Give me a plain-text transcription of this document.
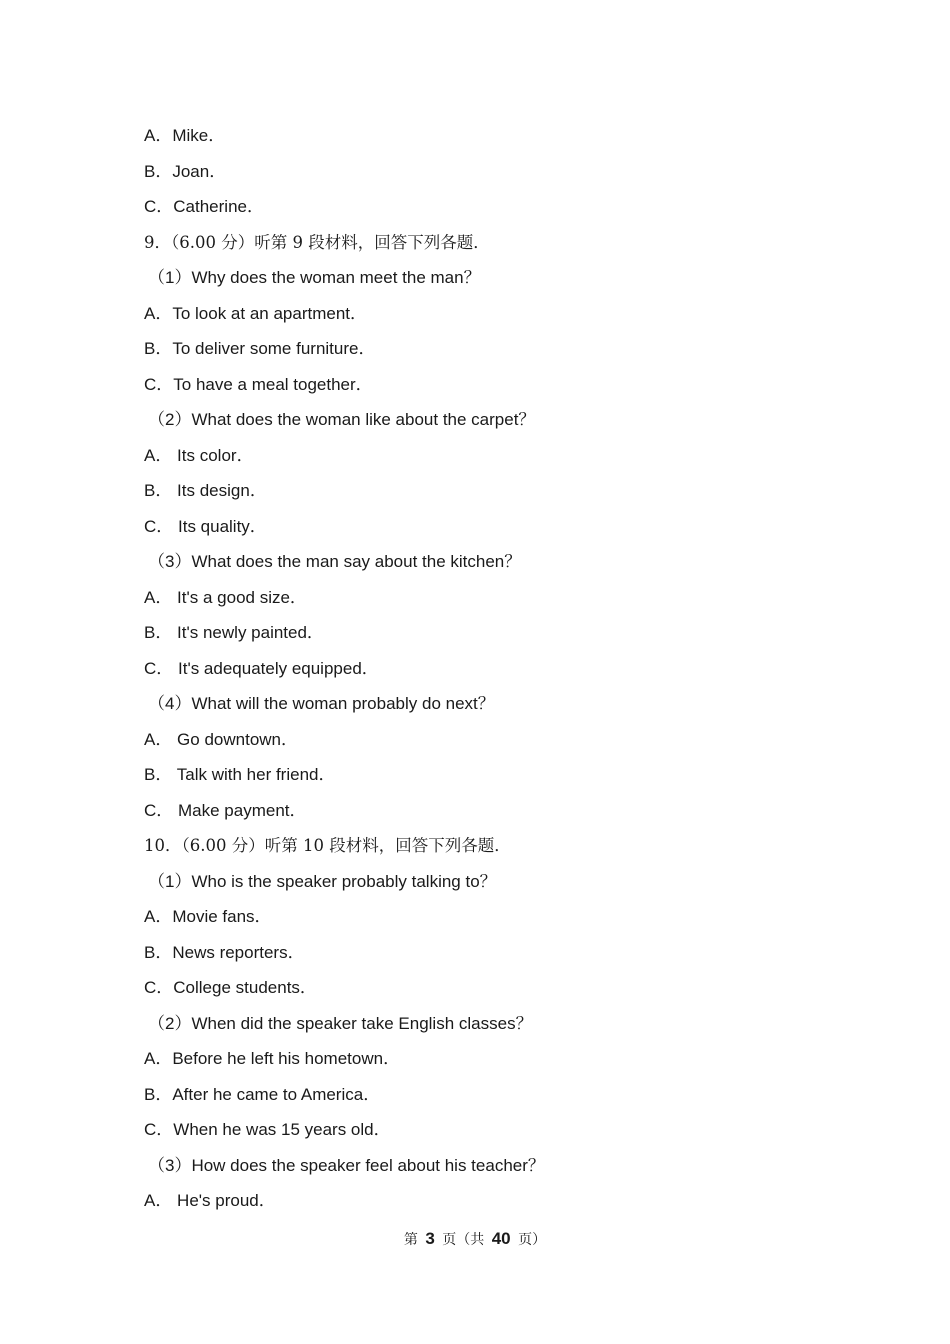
A．Mike．
B．Joan．
C．Catherine．
9．（6.00 分）听第 9 段材料，回答下列各题．
（1）Why does the woman meet the man？
A．To look at an apartment．
B．To deliver some furniture．
C．To have a meal together．
（2）What does the woman like about the carpet？
A． Its color．
B． Its design．
C． Its quality．
（3）What does the man say about the kitchen？
A． It's a good size．
B． It's newly painted．
C． It's adequately equipped．
（4）What will the woman probably do next？
A． Go downtown．
B． Talk with her friend．
C． Make payment．
10．（6.00 分）听第 10 段材料，回答下列各题．
（1）Who is the speaker probably talking to？
A．Movie fans．
B．News reporters．
C．College students．
（2）When did the speaker take English classes？
A．Before he left his hometown．
B．After he came to America．
C．When he was 15 years old．
（3）How does the speaker feel about his teacher？
A． He's proud．
第 3 页（共 40 页）
